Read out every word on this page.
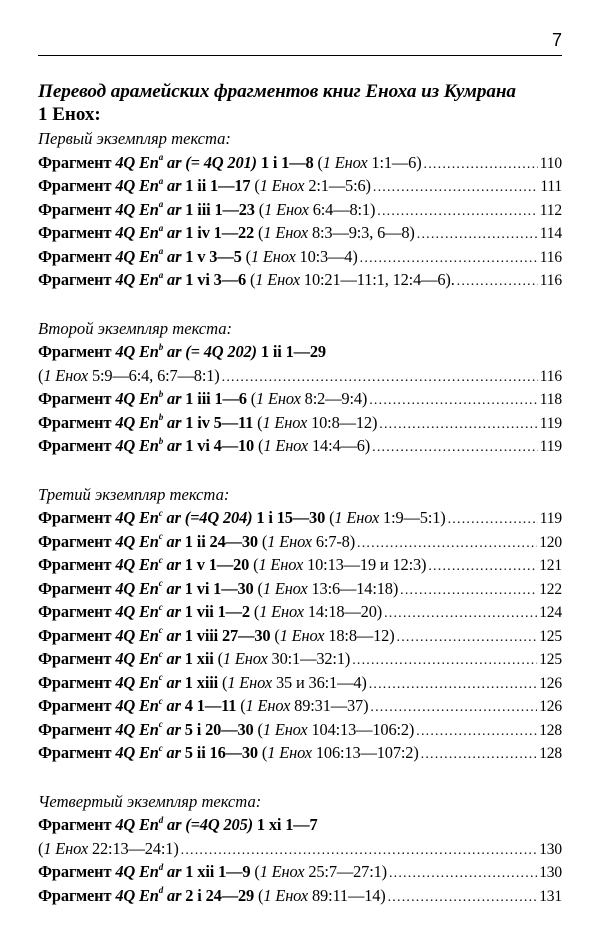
7
Перевод арамейских фрагментов книг Еноха из Кумрана
1 Енох:
Первый экземпляр текста:
Фрагмент 4Q En$^a$ ar (= 4Q 201) 1 i 1—8 (1 Енох 1:1—6) .....	110
Фрагмент 4Q En$^a$ ar 1 ii 1—17 (1 Енох 2:1—5:6) .....	111
Фрагмент 4Q En$^a$ ar 1 iii 1—23 (1 Енох 6:4—8:1) .....	112
Фрагмент 4Q En$^a$ ar 1 iv 1—22 (1 Енох 8:3—9:3, 6—8) .....	114
Фрагмент 4Q En$^a$ ar 1 v 3—5 (1 Енох 10:3—4) .....	116
Фрагмент 4Q En$^a$ ar 1 vi 3—6 (1 Енох 10:21—11:1, 12:4—6). .....	116
Второй экземпляр текста:
Фрагмент 4Q En$^b$ ar (= 4Q 202) 1 ii 1—29
(1 Енох 5:9—6:4, 6:7—8:1) .....	116
Фрагмент 4Q En$^b$ ar 1 iii 1—6 (1 Енох 8:2—9:4) .....	118
Фрагмент 4Q En$^b$ ar 1 iv 5—11 (1 Енох 10:8—12) .....	119
Фрагмент 4Q En$^b$ ar 1 vi 4—10 (1 Енох 14:4—6) .....	119
Третий экземпляр текста:
Фрагмент 4Q En$^c$ ar (=4Q 204) 1 i 15—30 (1 Енох 1:9—5:1) .....	119
Фрагмент 4Q En$^c$ ar 1 ii 24—30 (1 Енох 6:7-8) .....	120
Фрагмент 4Q En$^c$ ar 1 v 1—20 (1 Енох 10:13—19 и 12:3) .....	121
Фрагмент 4Q En$^c$ ar 1 vi 1—30 (1 Енох 13:6—14:18) .....	122
Фрагмент 4Q En$^c$ ar 1 vii 1—2 (1 Енох 14:18—20) .....	124
Фрагмент 4Q En$^c$ ar 1 viii 27—30 (1 Енох 18:8—12) .....	125
Фрагмент 4Q En$^c$ ar 1 xii (1 Енох 30:1—32:1) .....	125
Фрагмент 4Q En$^c$ ar 1 xiii (1 Енох 35 и 36:1—4) .....	126
Фрагмент 4Q En$^c$ ar 4 1—11 (1 Енох 89:31—37) .....	126
Фрагмент 4Q En$^c$ ar 5 i 20—30 (1 Енох 104:13—106:2) .....	128
Фрагмент 4Q En$^c$ ar 5 ii 16—30 (1 Енох 106:13—107:2) .....	128
Четвертый экземпляр текста:
Фрагмент 4Q En$^d$ ar (=4Q 205) 1 xi 1—7
(1 Енох 22:13—24:1) .....	130
Фрагмент 4Q En$^d$ ar 1 xii 1—9 (1 Енох 25:7—27:1) .....	130
Фрагмент 4Q En$^d$ ar 2 i 24—29 (1 Енох 89:11—14) .....	131
